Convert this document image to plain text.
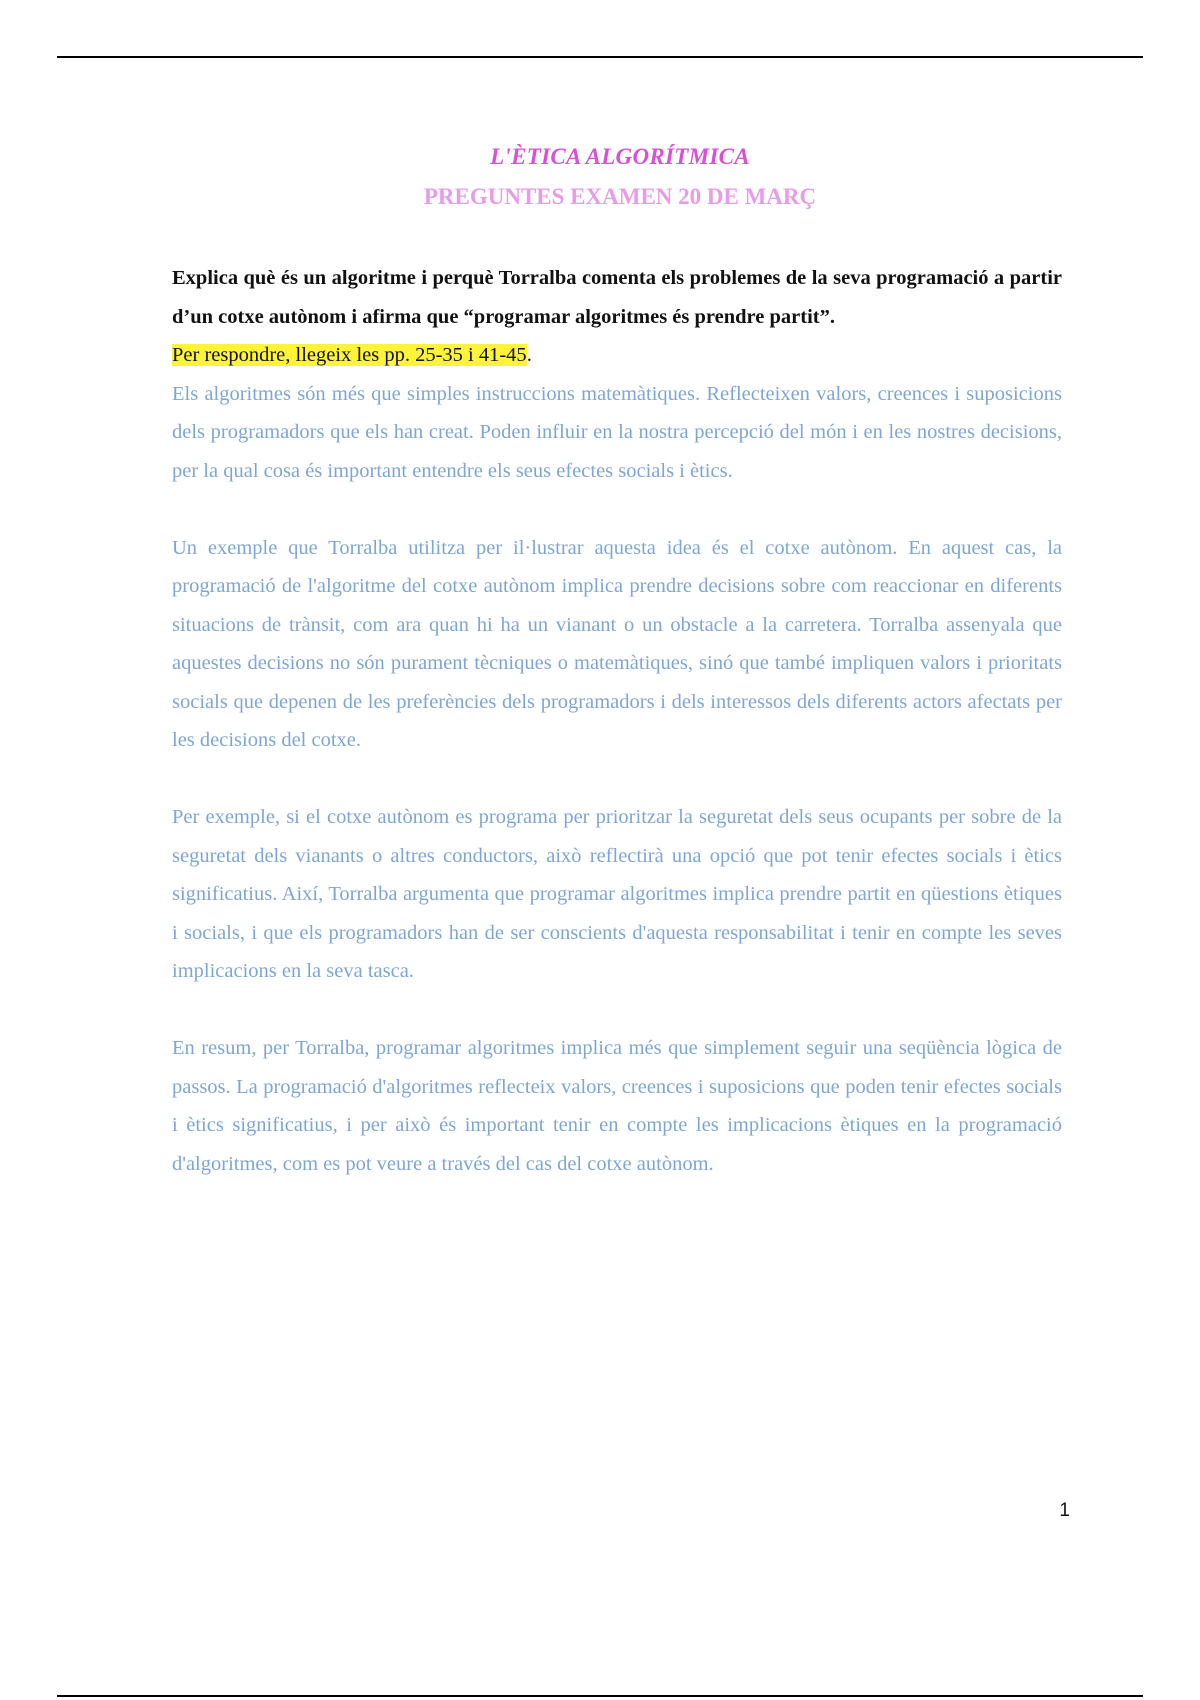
L'ÈTICA ALGORÍTMICA
PREGUNTES EXAMEN 20 DE MARÇ

Explica què és un algoritme i perquè Torralba comenta els problemes de la seva programació a partir d’un cotxe autònom i afirma que “programar algoritmes és prendre partit”.

Per respondre, llegeix les pp. 25-35 i 41-45.

Els algoritmes són més que simples instruccions matemàtiques. Reflecteixen valors, creences i suposicions dels programadors que els han creat. Poden influir en la nostra percepció del món i en les nostres decisions, per la qual cosa és important entendre els seus efectes socials i ètics.

Un exemple que Torralba utilitza per il·lustrar aquesta idea és el cotxe autònom. En aquest cas, la programació de l'algoritme del cotxe autònom implica prendre decisions sobre com reaccionar en diferents situacions de trànsit, com ara quan hi ha un vianant o un obstacle a la carretera. Torralba assenyala que aquestes decisions no són purament tècniques o matemàtiques, sinó que també impliquen valors i prioritats socials que depenen de les preferències dels programadors i dels interessos dels diferents actors afectats per les decisions del cotxe.

Per exemple, si el cotxe autònom es programa per prioritzar la seguretat dels seus ocupants per sobre de la seguretat dels vianants o altres conductors, això reflectirà una opció que pot tenir efectes socials i ètics significatius. Així, Torralba argumenta que programar algoritmes implica prendre partit en qüestions ètiques i socials, i que els programadors han de ser conscients d'aquesta responsabilitat i tenir en compte les seves implicacions en la seva tasca.

En resum, per Torralba, programar algoritmes implica més que simplement seguir una seqüència lògica de passos. La programació d'algoritmes reflecteix valors, creences i suposicions que poden tenir efectes socials i ètics significatius, i per això és important tenir en compte les implicacions ètiques en la programació d'algoritmes, com es pot veure a través del cas del cotxe autònom.

1
